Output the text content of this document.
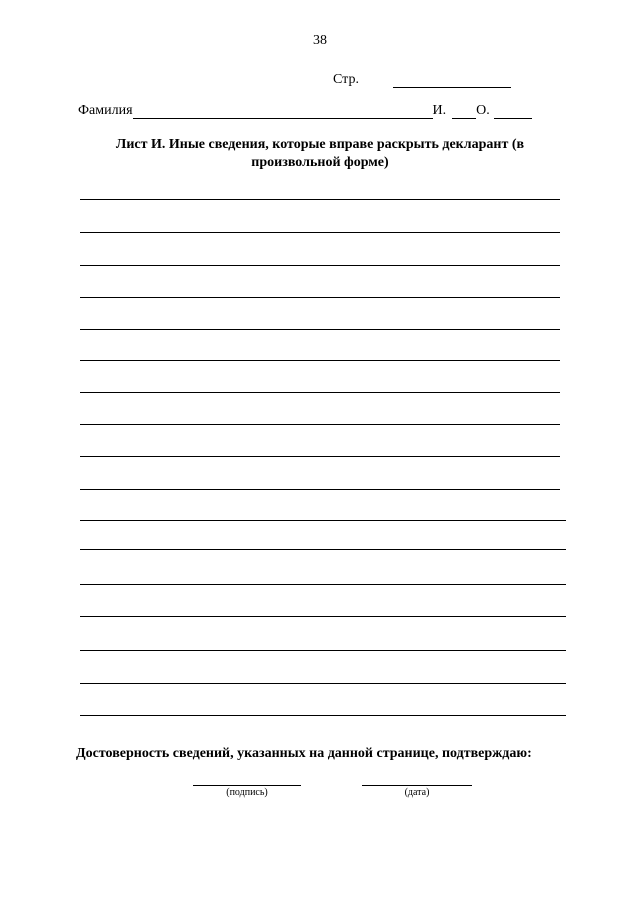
38
Стр.
Фамилия	И. О.
Лист И. Иные сведения, которые вправе раскрыть декларант (в произвольной форме)
Достоверность сведений, указанных на данной странице, подтверждаю:
(подпись)	(дата)
